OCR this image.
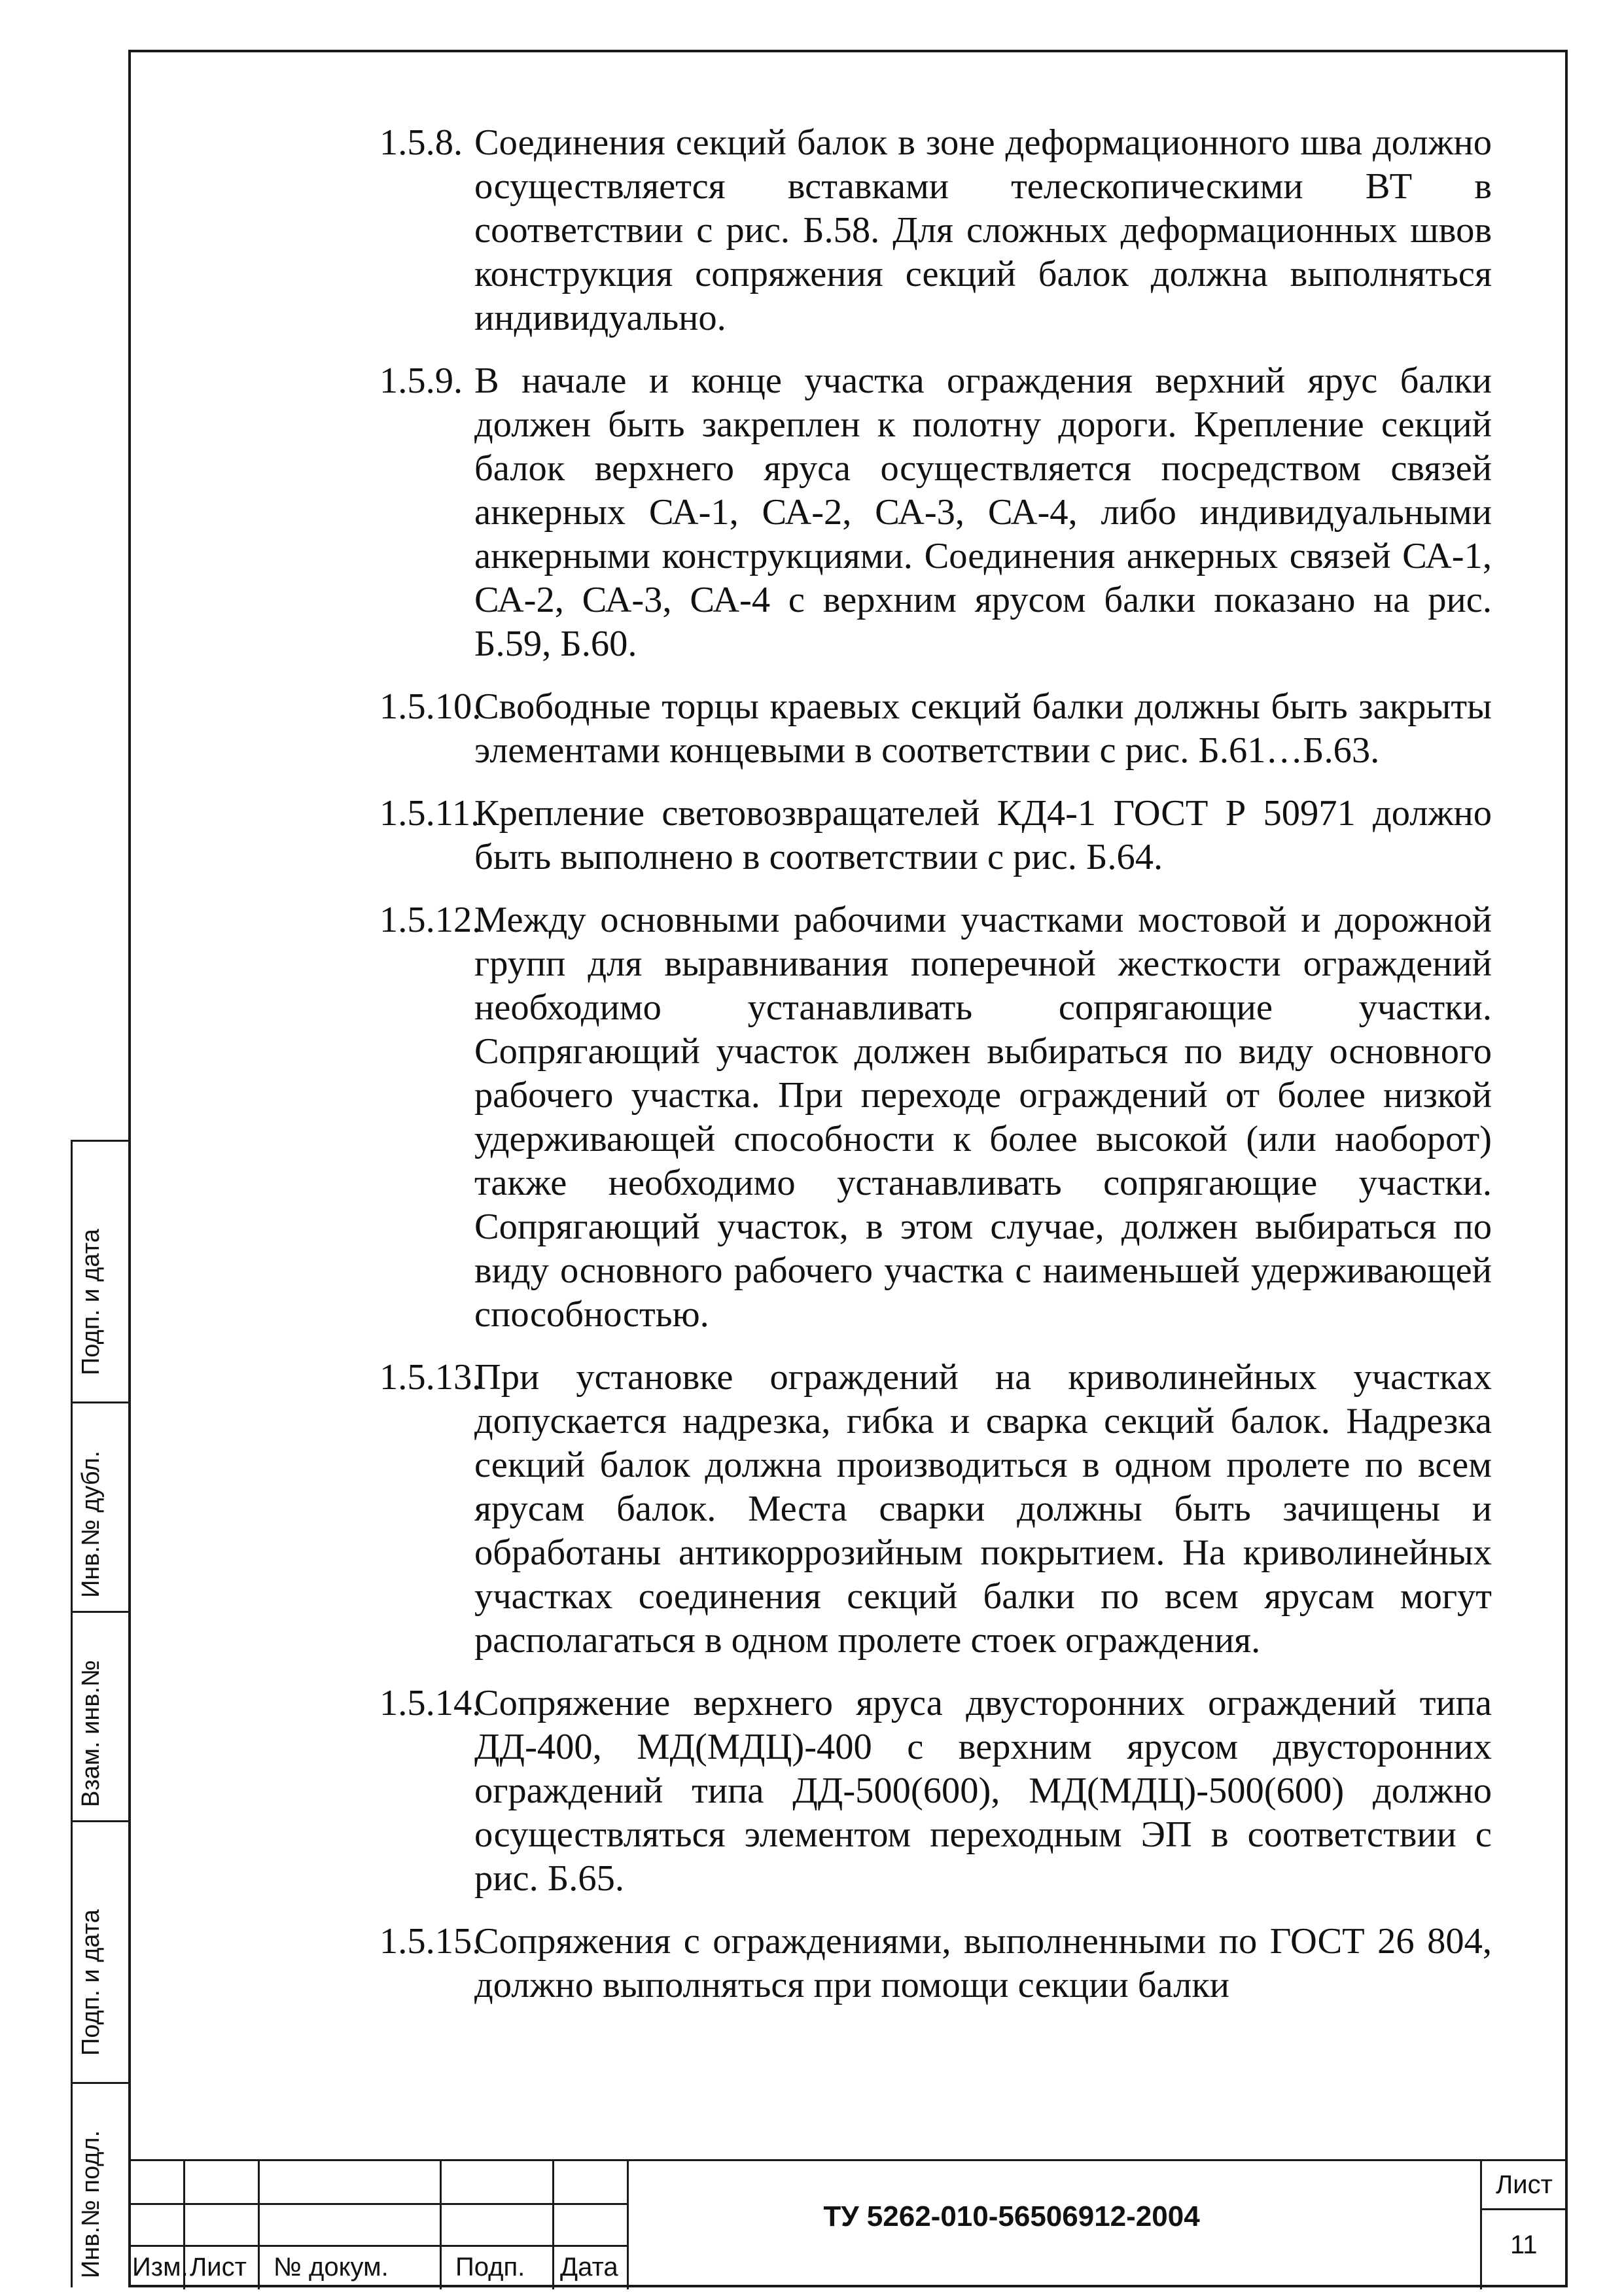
1.5.8. Соединения секций балок в зоне деформационного шва должно осуществляется вставками телескопическими ВТ в соответствии с рис. Б.58. Для сложных деформационных швов конструкция сопряжения секций балок должна выполняться индивидуально.
1.5.9. В начале и конце участка ограждения верхний ярус балки должен быть закреплен к полотну дороги. Крепление секций балок верхнего яруса осуществляется посредством связей анкерных СА-1, СА-2, СА-3, СА-4, либо индивидуальными анкерными конструкциями. Соединения анкерных связей СА-1, СА-2, СА-3, СА-4 с верхним ярусом балки показано на рис. Б.59, Б.60.
1.5.10.Свободные торцы краевых секций балки должны быть закрыты элементами концевыми в соответствии с рис. Б.61…Б.63.
1.5.11.Крепление световозвращателей КД4-1 ГОСТ Р 50971 должно быть выполнено в соответствии с рис. Б.64.
1.5.12.Между основными рабочими участками мостовой и дорожной групп для выравнивания поперечной жесткости ограждений необходимо устанавливать сопрягающие участки. Сопрягающий участок должен выбираться по виду основного рабочего участка. При переходе ограждений от более низкой удерживающей способности к более высокой (или наоборот) также необходимо устанавливать сопрягающие участки. Сопрягающий участок, в этом случае, должен выбираться по виду основного рабочего участка с наименьшей удерживающей способностью.
1.5.13.При установке ограждений на криволинейных участках допускается надрезка, гибка и сварка секций балок. Надрезка секций балок должна производиться в одном пролете по всем ярусам балок. Места сварки должны быть зачищены и обработаны антикоррозийным покрытием. На криволинейных участках соединения секций балки по всем ярусам могут располагаться в одном пролете стоек ограждения.
1.5.14.Сопряжение верхнего яруса двусторонних ограждений типа ДД-400, МД(МДЦ)-400 с верхним ярусом двусторонних ограждений типа ДД-500(600), МД(МДЦ)-500(600) должно осуществляться элементом переходным ЭП в соответствии с рис. Б.65.
1.5.15.Сопряжения с ограждениями, выполненными по ГОСТ 26 804, должно выполняться при помощи секции балки
Подп. и дата
Инв.№ дубл.
Взам. инв.№
Подп. и дата
Инв.№ подл. Изм. Лист № докум.	Подп. Дата
ТУ 5262-010-56506912-2004
Лист
11
